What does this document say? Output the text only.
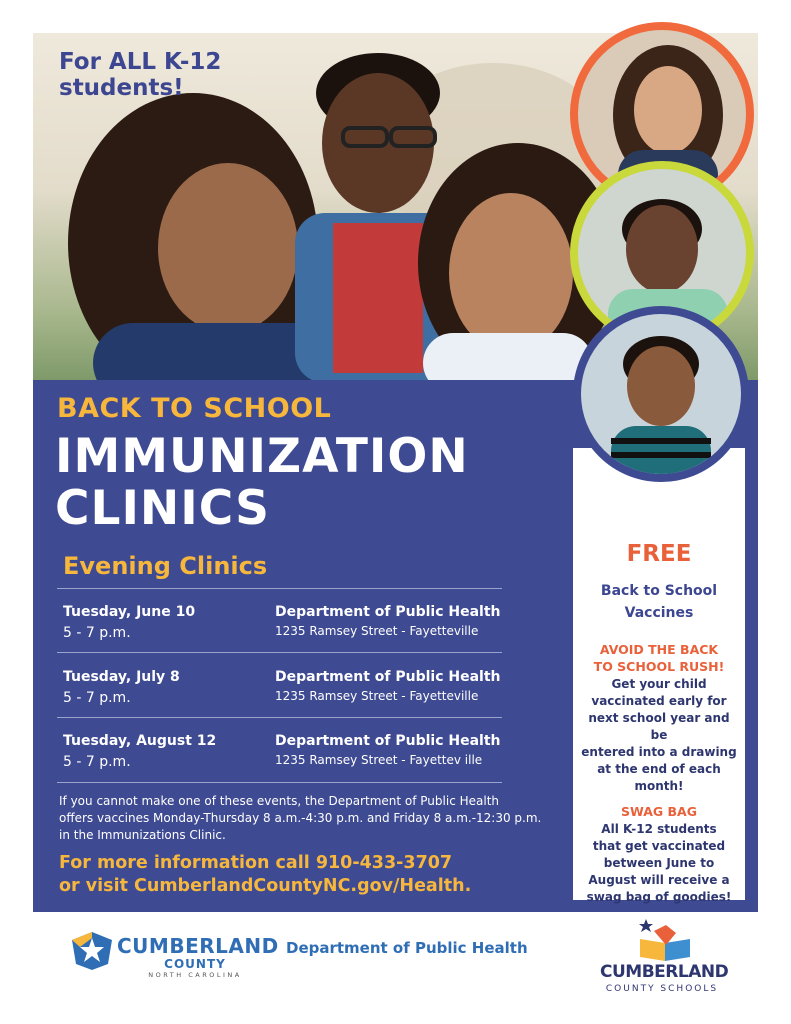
For ALL K-12
students!
BACK TO SCHOOL
IMMUNIZATION
CLINICS
Evening Clinics
Tuesday, June 10
5 - 7 p.m.
Department of Public Health
1235 Ramsey Street - Fayetteville
Tuesday, July 8
5 - 7 p.m.
Department of Public Health
1235 Ramsey Street - Fayetteville
Tuesday, August 12
5 - 7 p.m.
Department of Public Health
1235 Ramsey Street - Fayettev ille
If you cannot make one of these events, the Department of Public Health
offers vaccines Monday-Thursday 8 a.m.-4:30 p.m. and Friday 8 a.m.-12:30 p.m.
in the Immunizations Clinic.
For more information call 910-433-3707
or visit CumberlandCountyNC.gov/Health.
FREE
Back to School
Vaccines
AVOID THE BACK
TO SCHOOL RUSH!
Get your child
vaccinated early for
next school year and be
entered into a drawing
at the end of each
month!
SWAG BAG
All K-12 students
that get vaccinated
between June to
August will receive a
swag bag of goodies!
CUMBERLAND
COUNTY
NORTH CAROLINA
Department of Public Health
CUMBERLAND
COUNTY SCHOOLS
